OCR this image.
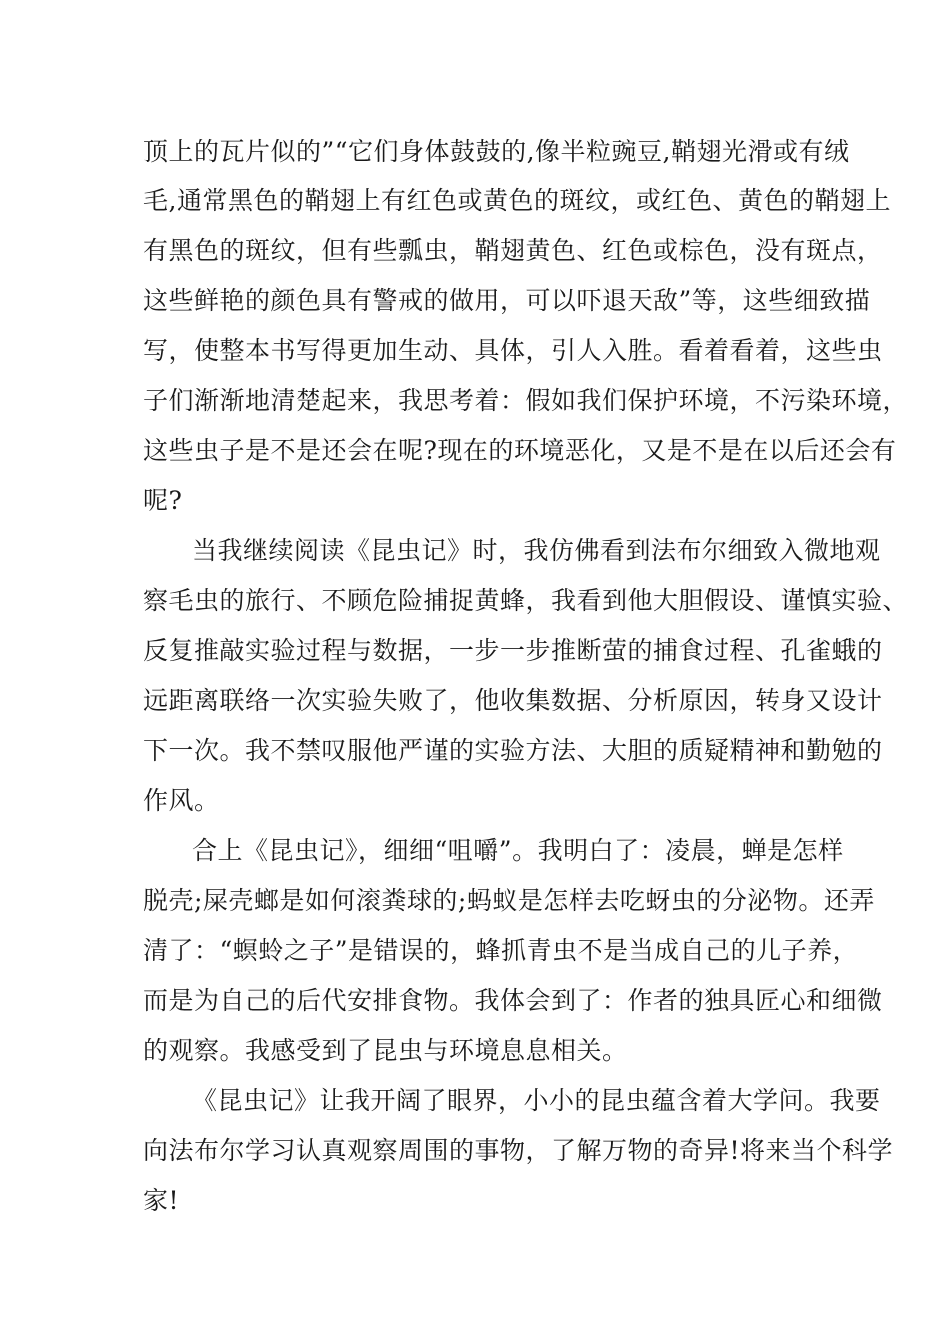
顶上的瓦片似的”“它们身体鼓鼓的,像半粒豌豆,鞘翅光滑或有绒
毛,通常黑色的鞘翅上有红色或黄色的斑纹，或红色、黄色的鞘翅上
有黑色的斑纹，但有些瓢虫，鞘翅黄色、红色或棕色，没有斑点，
这些鲜艳的颜色具有警戒的做用，可以吓退天敌”等，这些细致描
写，使整本书写得更加生动、具体，引人入胜。看着看着，这些虫
子们渐渐地清楚起来，我思考着：假如我们保护环境，不污染环境，
这些虫子是不是还会在呢?现在的环境恶化，又是不是在以后还会有
呢?
当我继续阅读《昆虫记》时，我仿佛看到法布尔细致入微地观
察毛虫的旅行、不顾危险捕捉黄蜂，我看到他大胆假设、谨慎实验、
反复推敲实验过程与数据，一步一步推断萤的捕食过程、孔雀蛾的
远距离联络一次实验失败了，他收集数据、分析原因，转身又设计
下一次。我不禁叹服他严谨的实验方法、大胆的质疑精神和勤勉的
作风。
合上《昆虫记》，细细“咀嚼”。我明白了：凌晨，蝉是怎样
脱壳;屎壳螂是如何滚粪球的;蚂蚁是怎样去吃蚜虫的分泌物。还弄
清了：“螟蛉之子”是错误的，蜂抓青虫不是当成自己的儿子养，
而是为自己的后代安排食物。我体会到了：作者的独具匠心和细微
的观察。我感受到了昆虫与环境息息相关。
《昆虫记》让我开阔了眼界，小小的昆虫蕴含着大学问。我要
向法布尔学习认真观察周围的事物，了解万物的奇异!将来当个科学
家!
